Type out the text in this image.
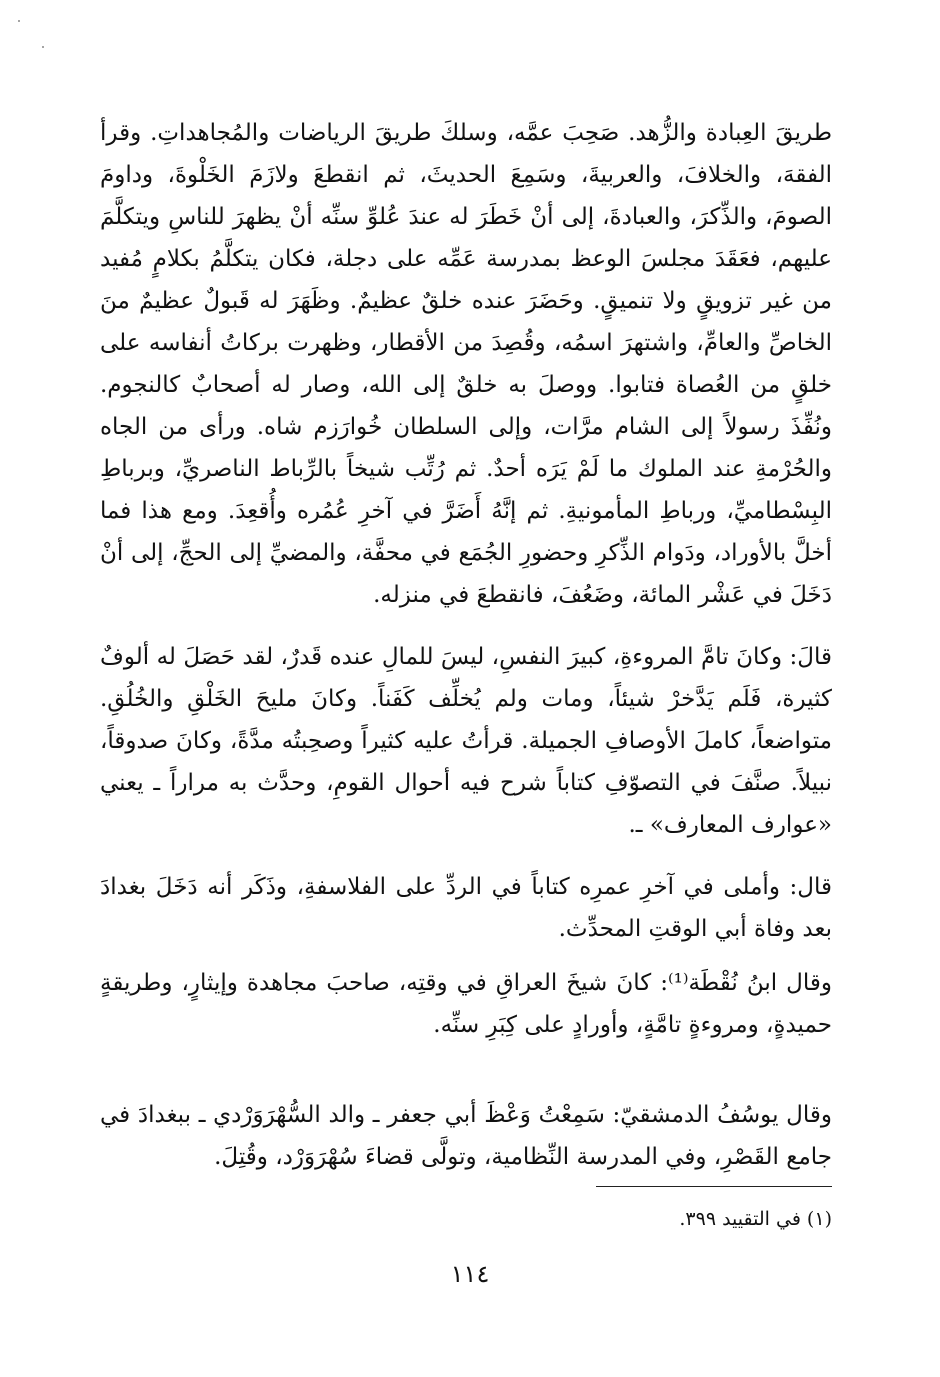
طريقَ العِبادة والزُّهد. صَحِبَ عمَّه، وسلكَ طريقَ الرياضات والمُجاهداتِ. وقرأ الفقهَ، والخلافَ، والعربيةَ، وسَمِعَ الحديثَ، ثم انقطعَ ولازَمَ الخَلْوةَ، وداومَ الصومَ، والذِّكرَ، والعبادةَ، إلى أنْ خَطَرَ له عندَ عُلوِّ سنِّه أنْ يظهرَ للناسِ ويتكلَّمَ عليهم، فعَقَدَ مجلسَ الوعظ بمدرسة عَمِّه على دجلة، فكان يتكلَّمُ بكلامٍ مُفيد من غير تزويقٍ ولا تنميقٍ. وحَضَرَ عنده خلقٌ عظيمٌ. وظَهَرَ له قَبولٌ عظيمٌ منَ الخاصِّ والعامِّ، واشتهرَ اسمُه، وقُصِدَ من الأقطار، وظهرت بركاتُ أنفاسه على خلقٍ من العُصاة فتابوا. ووصلَ به خلقٌ إلى الله، وصار له أصحابٌ كالنجوم. ونُفِّذَ رسولاً إلى الشام مرَّات، وإلى السلطان خُوارَزم شاه. ورأى من الجاه والحُرْمةِ عند الملوك ما لَمْ يَرَه أحدٌ. ثم رُتِّب شيخاً بالرِّباط الناصريِّ، وبرباطِ البِسْطاميِّ، ورباطِ المأمونيةِ. ثم إنَّهُ أَضَرَّ في آخرِ عُمُره وأُقعِدَ. ومع هذا فما أخلَّ بالأوراد، ودَوام الذِّكرِ وحضورِ الجُمَع في محفَّة، والمضيِّ إلى الحجِّ، إلى أنْ دَخَلَ في عَشْر المائة، وضَعُفَ، فانقطعَ في منزله.

قالَ: وكانَ تامَّ المروءةِ، كبيرَ النفسِ، ليسَ للمالِ عنده قَدرٌ، لقد حَصَلَ له ألوفٌ كثيرة، فَلَم يَدَّخرْ شيئاً، ومات ولم يُخلِّف كَفَناً. وكانَ مليحَ الخَلْقِ والخُلُقِ. متواضعاً، كاملَ الأوصافِ الجميلة. قرأتُ عليه كثيراً وصحِبتُه مدَّةً، وكانَ صدوقاً، نبيلاً. صنَّفَ في التصوّفِ كتاباً شرح فيه أحوال القومِ، وحدَّث به مراراً ـ يعني «عوارف المعارف» ـ.

قال: وأملى في آخرِ عمرِه كتاباً في الردِّ على الفلاسفةِ، وذَكَر أنه دَخَلَ بغدادَ بعد وفاة أبي الوقتِ المحدِّث.

وقال ابنُ نُقْطَة⁽¹⁾: كانَ شيخَ العراقِ في وقتِه، صاحبَ مجاهدة وإيثارٍ، وطريقةٍ حميدةٍ، ومروءةٍ تامَّةٍ، وأورادٍ على كِبَرِ سنِّه.

وقال يوسُفُ الدمشقيّ: سَمِعْتُ وَعْظَ أبي جعفر ـ والد السُّهْرَوَرْدي ـ ببغدادَ في جامع القَصْرِ، وفي المدرسة النِّظامية، وتولَّى قضاءَ سُهْرَوَرْد، وقُتِلَ.

(١) في التقييد ٣٩٩.
١١٤
